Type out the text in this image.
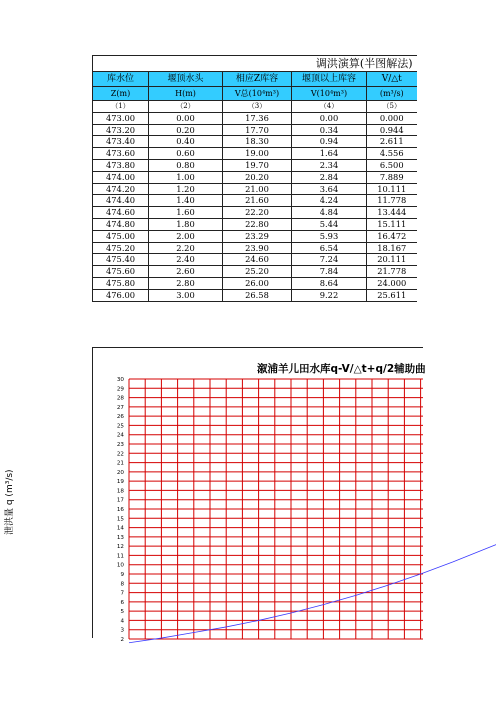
调洪演算(半图解法)				
库水位	堰顶水头	相应Z库容	堰顶以上库容	V/△t
Z(m)	H(m)	V总(10⁴m³)	V(10⁴m³)	(m³/s)
（1）	（2）	（3）	（4）	（5）
473.00	0.00	17.36	0.00	0.000
473.20	0.20	17.70	0.34	0.944
473.40	0.40	18.30	0.94	2.611
473.60	0.60	19.00	1.64	4.556
473.80	0.80	19.70	2.34	6.500
474.00	1.00	20.20	2.84	7.889
474.20	1.20	21.00	3.64	10.111
474.40	1.40	21.60	4.24	11.778
474.60	1.60	22.20	4.84	13.444
474.80	1.80	22.80	5.44	15.111
475.00	2.00	23.29	5.93	16.472
475.20	2.20	23.90	6.54	18.167
475.40	2.40	24.60	7.24	20.111
475.60	2.60	25.20	7.84	21.778
475.80	2.80	26.00	8.64	24.000
476.00	3.00	26.58	9.22	25.611
30
29
28
27
26
25
24
23
22
21
20
19
18
17
16
15
14
13
12
11
10
9
8
7
6
5
4
3
2
溆浦羊儿田水库q-V/△t+q/2辅助曲
泄洪量 q (m³/s)
